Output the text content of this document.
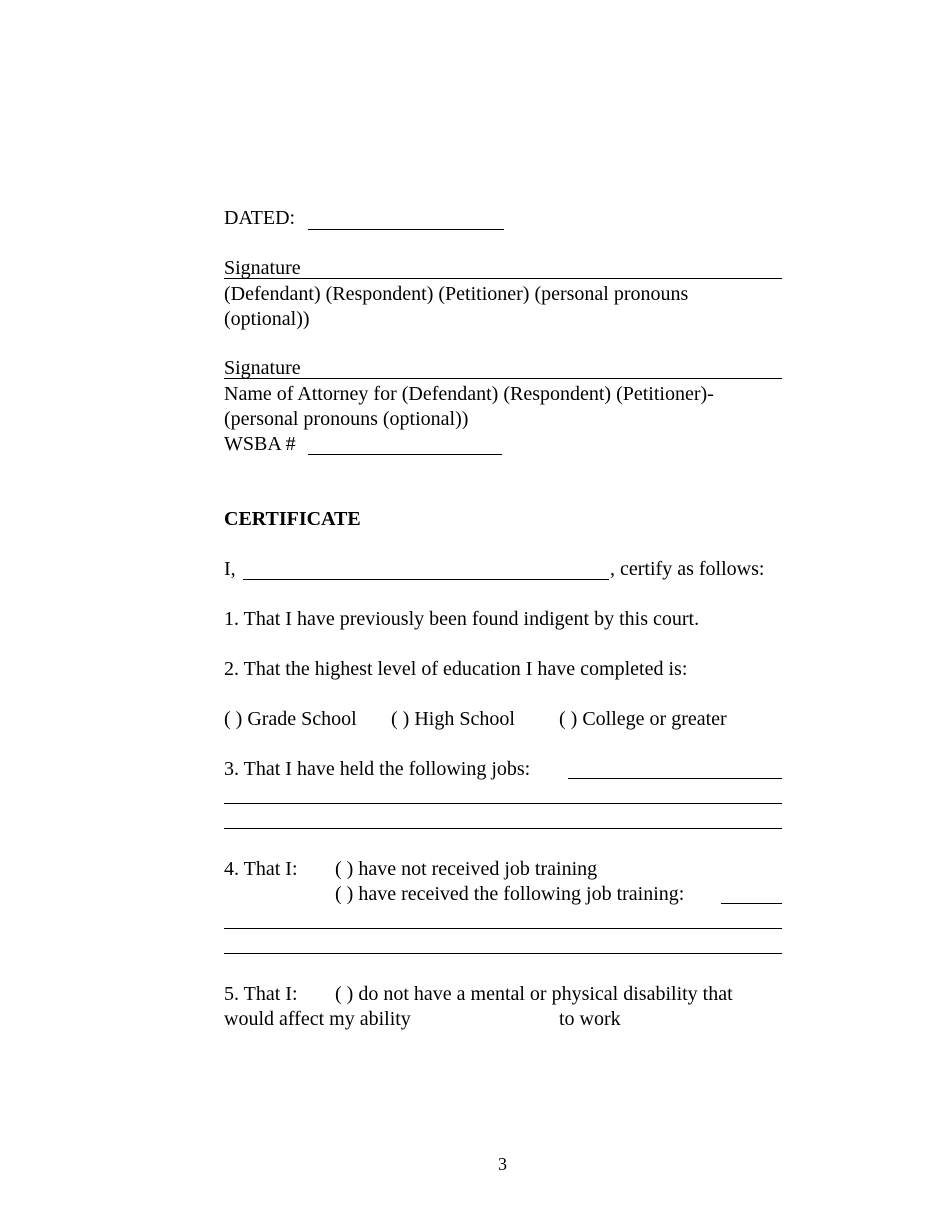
DATED:
Signature
(Defendant) (Respondent) (Petitioner) (personal pronouns
(optional))
Signature
Name of Attorney for (Defendant) (Respondent) (Petitioner)-
(personal pronouns (optional))
WSBA #
CERTIFICATE
I,	, certify as follows:
1. That I have previously been found indigent by this court.
2. That the highest level of education I have completed is:
( ) Grade School ( ) High School ( ) College or greater
3. That I have held the following jobs:
4. That I: ( ) have not received job training
( ) have received the following job training:
5. That I: ( ) do not have a mental or physical disability that
would affect my ability	to work
3
